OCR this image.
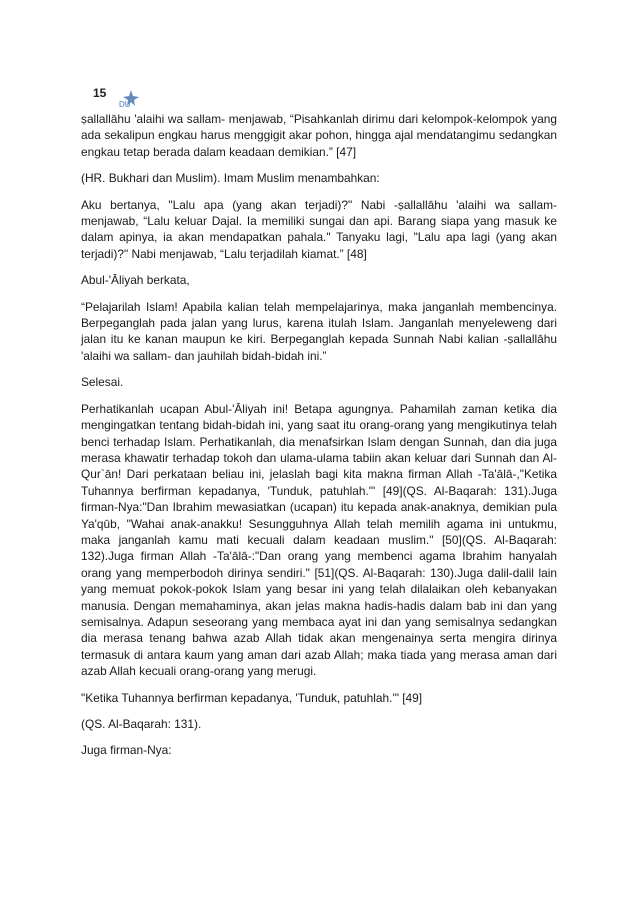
15
DU

ṣallallāhu 'alaihi wa sallam- menjawab, “Pisahkanlah dirimu dari kelompok-kelompok yang ada sekalipun engkau harus menggigit akar pohon, hingga ajal mendatangimu sedangkan engkau tetap berada dalam keadaan demikian.” [47]

(HR. Bukhari dan Muslim). Imam Muslim menambahkan:

Aku bertanya, "Lalu apa (yang akan terjadi)?" Nabi -ṣallallāhu 'alaihi wa sallam- menjawab, “Lalu keluar Dajal. Ia memiliki sungai dan api. Barang siapa yang masuk ke dalam apinya, ia akan mendapatkan pahala." Tanyaku lagi, "Lalu apa lagi (yang akan terjadi)?" Nabi menjawab, “Lalu terjadilah kiamat.” [48]

Abul-'Āliyah berkata,

“Pelajarilah Islam! Apabila kalian telah mempelajarinya, maka janganlah membencinya. Berpeganglah pada jalan yang lurus, karena itulah Islam. Janganlah menyeleweng dari jalan itu ke kanan maupun ke kiri. Berpeganglah kepada Sunnah Nabi kalian -ṣallallāhu 'alaihi wa sallam- dan jauhilah bidah-bidah ini.”

Selesai.

Perhatikanlah ucapan Abul-'Āliyah ini! Betapa agungnya. Pahamilah zaman ketika dia mengingatkan tentang bidah-bidah ini, yang saat itu orang-orang yang mengikutinya telah benci terhadap Islam. Perhatikanlah, dia menafsirkan Islam dengan Sunnah, dan dia juga merasa khawatir terhadap tokoh dan ulama-ulama tabiin akan keluar dari Sunnah dan Al-Qur`ān! Dari perkataan beliau ini, jelaslah bagi kita makna firman Allah -Ta'ālā-,"Ketika Tuhannya berfirman kepadanya, 'Tunduk, patuhlah.'" [49](QS. Al-Baqarah: 131).Juga firman-Nya:"Dan Ibrahim mewasiatkan (ucapan) itu kepada anak-anaknya, demikian pula Ya'qūb, "Wahai anak-anakku! Sesungguhnya Allah telah memilih agama ini untukmu, maka janganlah kamu mati kecuali dalam keadaan muslim." [50](QS. Al-Baqarah: 132).Juga firman Allah -Ta'ālā-:"Dan orang yang membenci agama Ibrahim hanyalah orang yang memperbodoh dirinya sendiri." [51](QS. Al-Baqarah: 130).Juga dalil-dalil lain yang memuat pokok-pokok Islam yang besar ini yang telah dilalaikan oleh kebanyakan manusia. Dengan memahaminya, akan jelas makna hadis-hadis dalam bab ini dan yang semisalnya. Adapun seseorang yang membaca ayat ini dan yang semisalnya sedangkan dia merasa tenang bahwa azab Allah tidak akan mengenainya serta mengira dirinya termasuk di antara kaum yang aman dari azab Allah; maka tiada yang merasa aman dari azab Allah kecuali orang-orang yang merugi.

"Ketika Tuhannya berfirman kepadanya, 'Tunduk, patuhlah.'" [49]

(QS. Al-Baqarah: 131).

Juga firman-Nya:
